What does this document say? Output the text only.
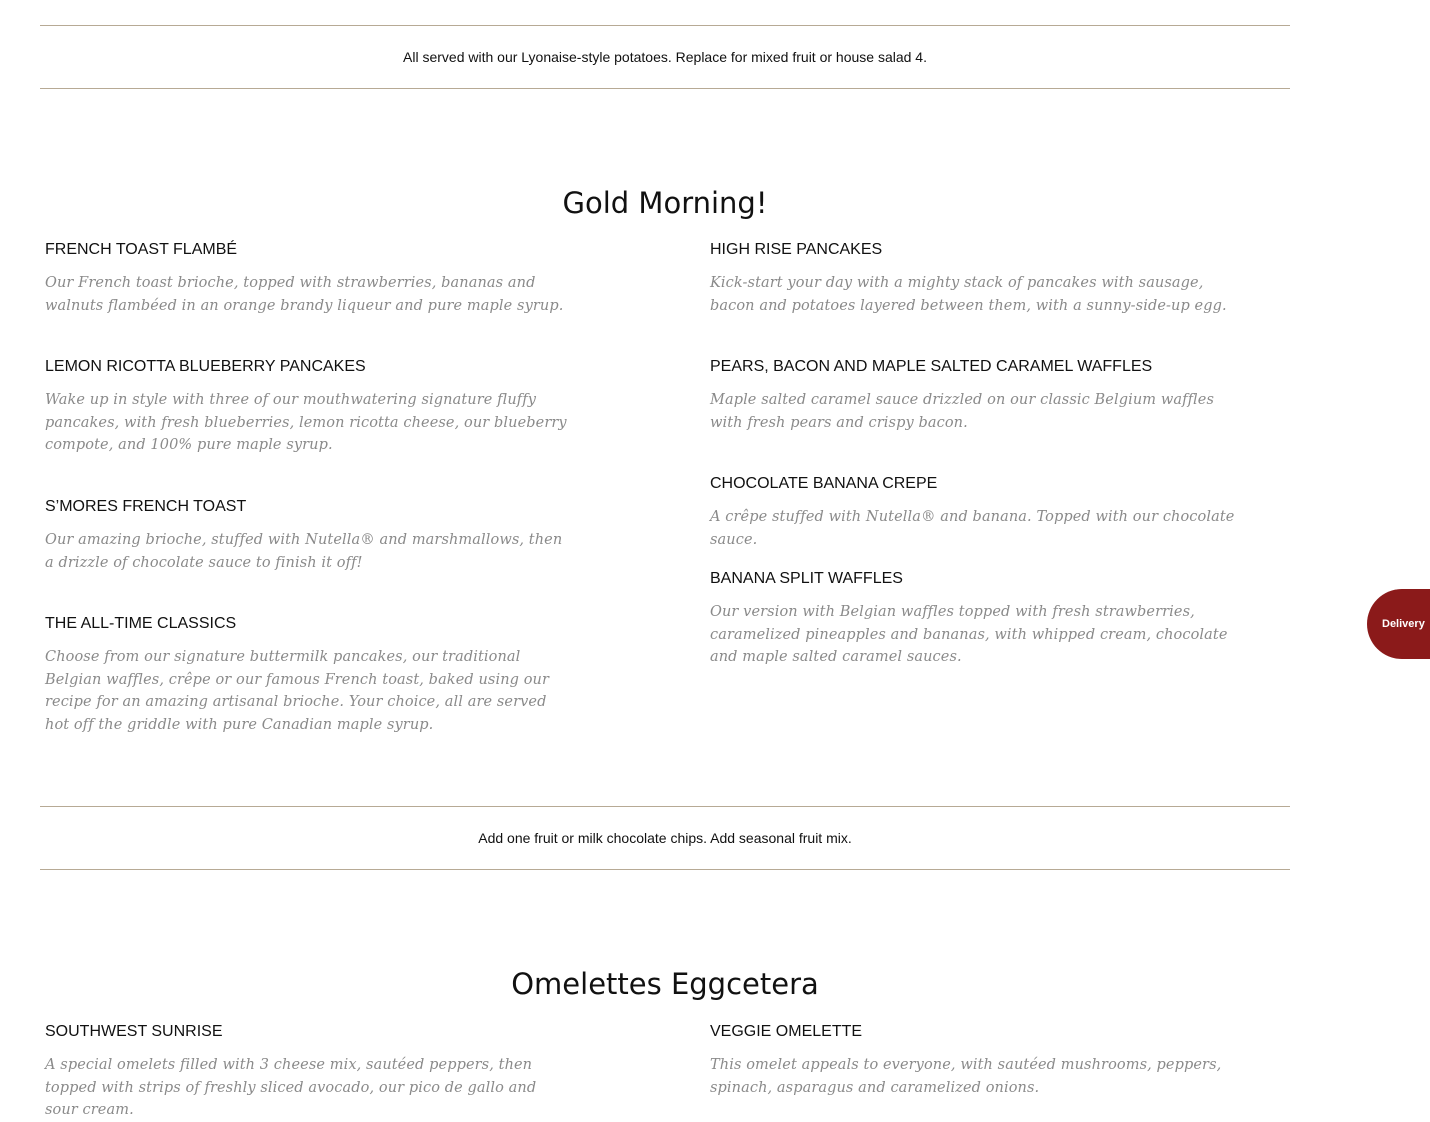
All served with our Lyonaise-style potatoes. Replace for mixed fruit or house salad 4.
Gold Morning!
FRENCH TOAST FLAMBÉ

Our French toast brioche, topped with strawberries, bananas and walnuts flambéed in an orange brandy liqueur and pure maple syrup.

LEMON RICOTTA BLUEBERRY PANCAKES

Wake up in style with three of our mouthwatering signature fluffy pancakes, with fresh blueberries, lemon ricotta cheese, our blueberry compote, and 100% pure maple syrup.

S’MORES FRENCH TOAST

Our amazing brioche, stuffed with Nutella® and marshmallows, then a drizzle of chocolate sauce to finish it off!

THE ALL-TIME CLASSICS

Choose from our signature buttermilk pancakes, our traditional Belgian waffles, crêpe or our famous French toast, baked using our recipe for an amazing artisanal brioche. Your choice, all are served hot off the griddle with pure Canadian maple syrup.

HIGH RISE PANCAKES

Kick-start your day with a mighty stack of pancakes with sausage, bacon and potatoes layered between them, with a sunny-side-up egg.

PEARS, BACON AND MAPLE SALTED CARAMEL WAFFLES

Maple salted caramel sauce drizzled on our classic Belgium waffles with fresh pears and crispy bacon.

CHOCOLATE BANANA CREPE

A crêpe stuffed with Nutella® and banana. Topped with our chocolate sauce.

BANANA SPLIT WAFFLES

Our version with Belgian waffles topped with fresh strawberries, caramelized pineapples and bananas, with whipped cream, chocolate and maple salted caramel sauces.

Add one fruit or milk chocolate chips. Add seasonal fruit mix.
Omelettes Eggcetera
SOUTHWEST SUNRISE

A special omelets filled with 3 cheese mix, sautéed peppers, then topped with strips of freshly sliced avocado, our pico de gallo and sour cream.

VEGGIE OMELETTE

This omelet appeals to everyone, with sautéed mushrooms, peppers, spinach, asparagus and caramelized onions.

Delivery
